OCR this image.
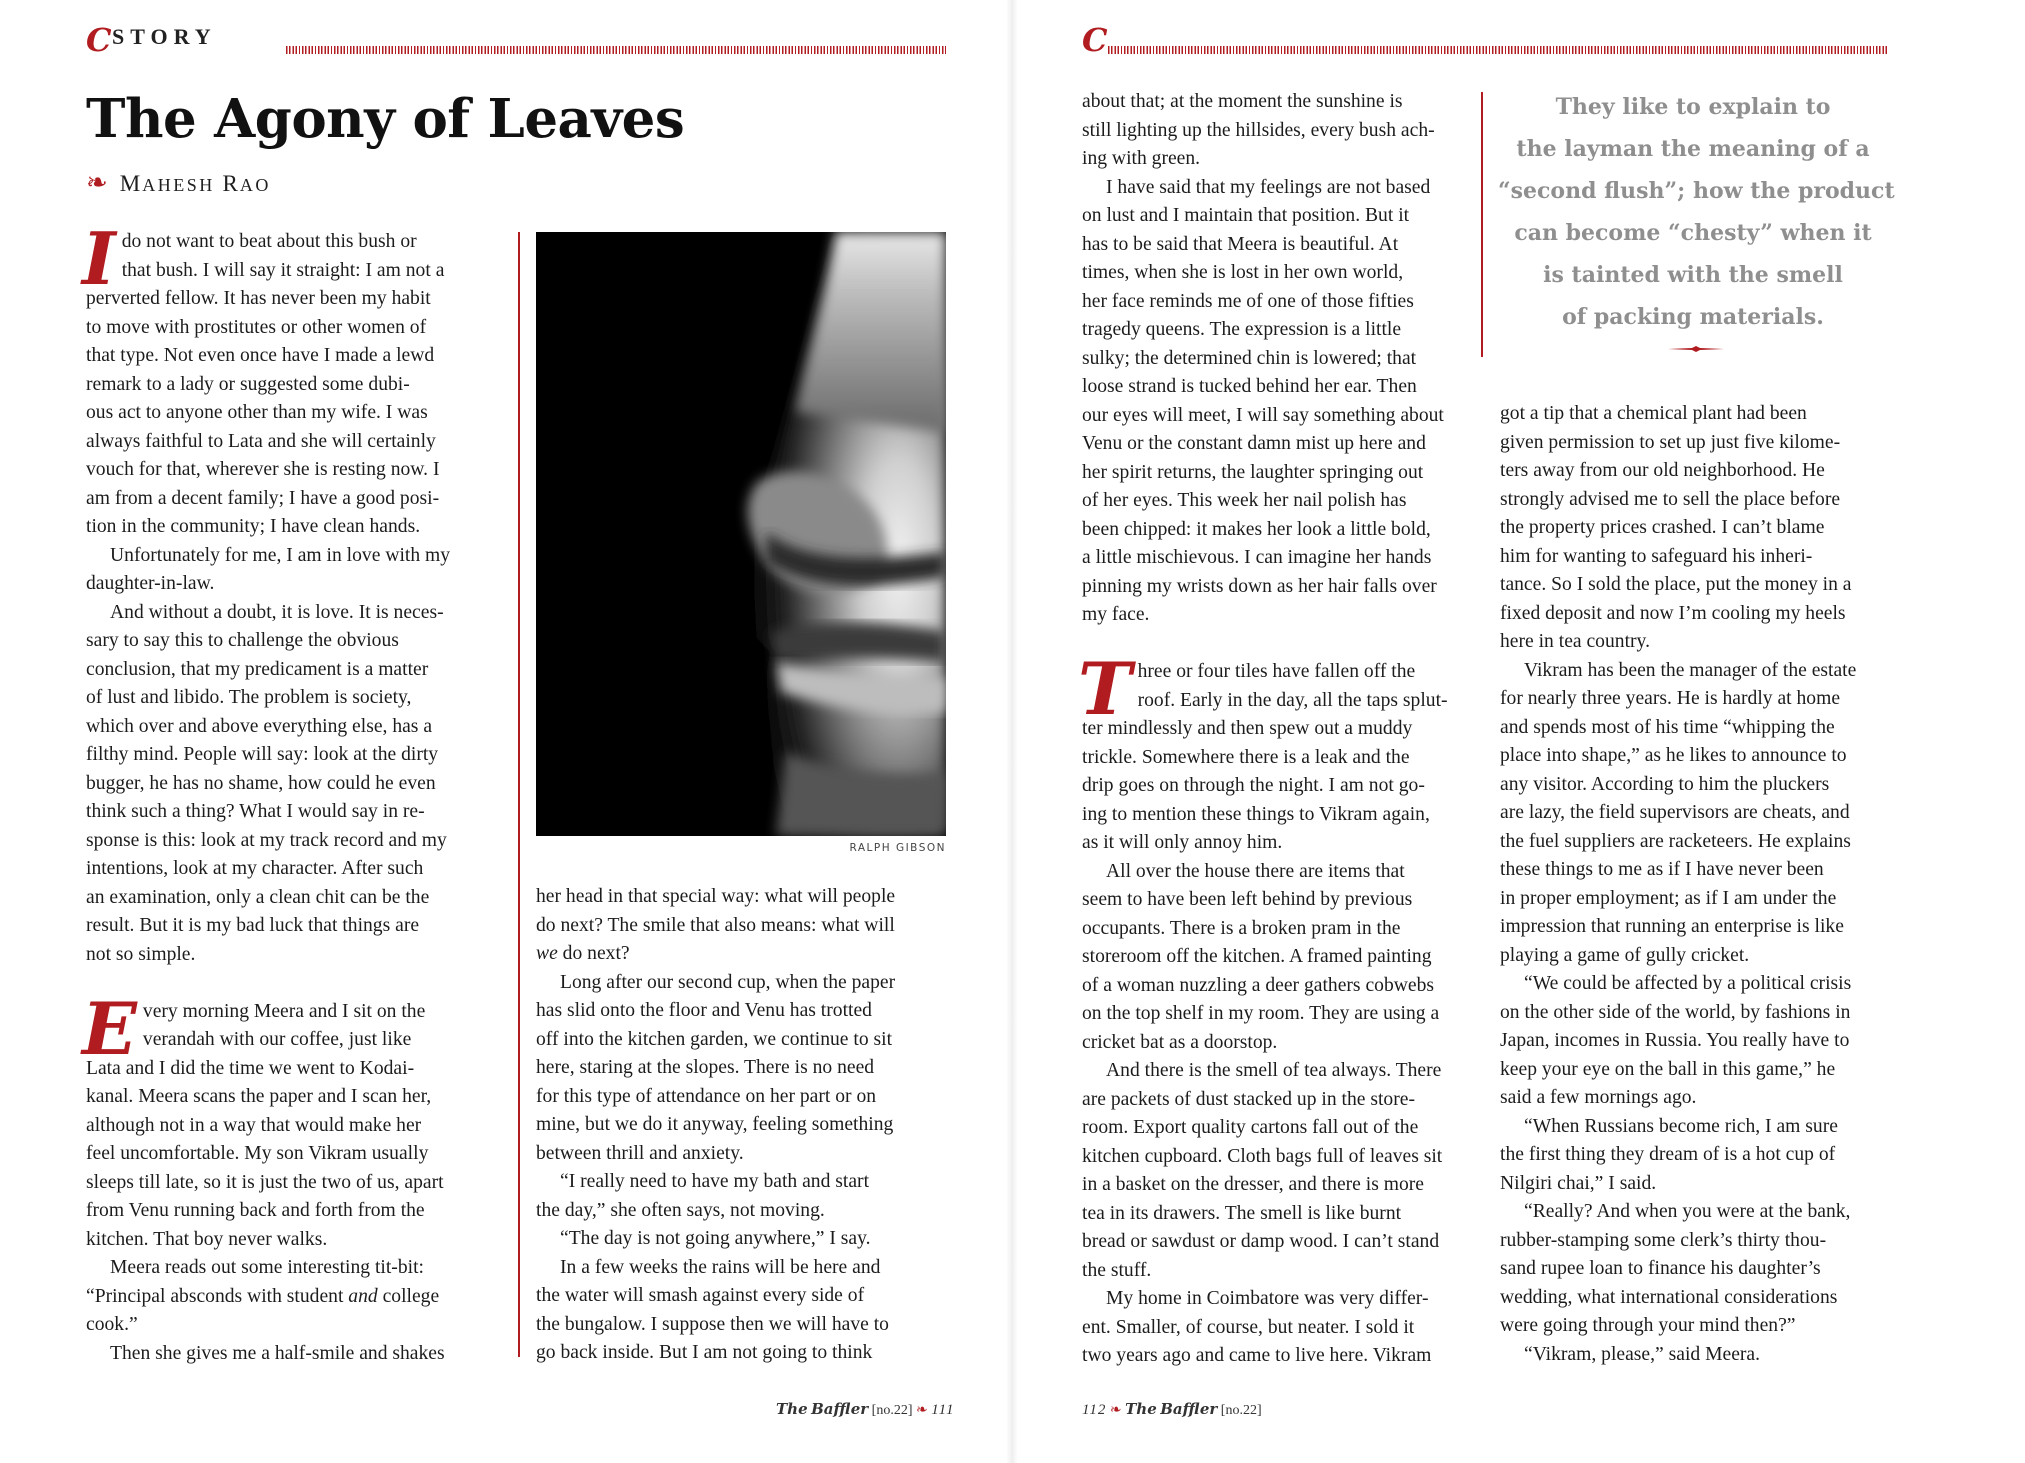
C STORY
The Agony of Leaves
❧ MAHESH RAO
I do not want to beat about this bush or
that bush. I will say it straight: I am not a
perverted fellow. It has never been my habit
to move with prostitutes or other women of
that type. Not even once have I made a lewd
remark to a lady or suggested some dubi-
ous act to anyone other than my wife. I was
always faithful to Lata and she will certainly
vouch for that, wherever she is resting now. I
am from a decent family; I have a good posi-
tion in the community; I have clean hands.
Unfortunately for me, I am in love with my
daughter-in-law.
And without a doubt, it is love. It is neces-
sary to say this to challenge the obvious
conclusion, that my predicament is a matter
of lust and libido. The problem is society,
which over and above everything else, has a
filthy mind. People will say: look at the dirty
bugger, he has no shame, how could he even
think such a thing? What I would say in re-
sponse is this: look at my track record and my
intentions, look at my character. After such
an examination, only a clean chit can be the
result. But it is my bad luck that things are
not so simple.
E very morning Meera and I sit on the
verandah with our coffee, just like
Lata and I did the time we went to Kodai-
kanal. Meera scans the paper and I scan her,
although not in a way that would make her
feel uncomfortable. My son Vikram usually
sleeps till late, so it is just the two of us, apart
from Venu running back and forth from the
kitchen. That boy never walks.
Meera reads out some interesting tit-bit:
“Principal absconds with student and college
cook.”
Then she gives me a half-smile and shakes
RALPH GIBSON
her head in that special way: what will people
do next? The smile that also means: what will
we do next?
Long after our second cup, when the paper
has slid onto the floor and Venu has trotted
off into the kitchen garden, we continue to sit
here, staring at the slopes. There is no need
for this type of attendance on her part or on
mine, but we do it anyway, feeling something
between thrill and anxiety.
“I really need to have my bath and start
the day,” she often says, not moving.
“The day is not going anywhere,” I say.
In a few weeks the rains will be here and
the water will smash against every side of
the bungalow. I suppose then we will have to
go back inside. But I am not going to think
The Baffler [no.22] ❧ 111
C
about that; at the moment the sunshine is
still lighting up the hillsides, every bush ach-
ing with green.
I have said that my feelings are not based
on lust and I maintain that position. But it
has to be said that Meera is beautiful. At
times, when she is lost in her own world,
her face reminds me of one of those fifties
tragedy queens. The expression is a little
sulky; the determined chin is lowered; that
loose strand is tucked behind her ear. Then
our eyes will meet, I will say something about
Venu or the constant damn mist up here and
her spirit returns, the laughter springing out
of her eyes. This week her nail polish has
been chipped: it makes her look a little bold,
a little mischievous. I can imagine her hands
pinning my wrists down as her hair falls over
my face.
T hree or four tiles have fallen off the
roof. Early in the day, all the taps splut-
ter mindlessly and then spew out a muddy
trickle. Somewhere there is a leak and the
drip goes on through the night. I am not go-
ing to mention these things to Vikram again,
as it will only annoy him.
All over the house there are items that
seem to have been left behind by previous
occupants. There is a broken pram in the
storeroom off the kitchen. A framed painting
of a woman nuzzling a deer gathers cobwebs
on the top shelf in my room. They are using a
cricket bat as a doorstop.
And there is the smell of tea always. There
are packets of dust stacked up in the store-
room. Export quality cartons fall out of the
kitchen cupboard. Cloth bags full of leaves sit
in a basket on the dresser, and there is more
tea in its drawers. The smell is like burnt
bread or sawdust or damp wood. I can’t stand
the stuff.
My home in Coimbatore was very differ-
ent. Smaller, of course, but neater. I sold it
two years ago and came to live here. Vikram
They like to explain to
the layman the meaning of a
“second flush”; how the product
can become “chesty” when it
is tainted with the smell
of packing materials.
got a tip that a chemical plant had been
given permission to set up just five kilome-
ters away from our old neighborhood. He
strongly advised me to sell the place before
the property prices crashed. I can’t blame
him for wanting to safeguard his inheri-
tance. So I sold the place, put the money in a
fixed deposit and now I’m cooling my heels
here in tea country.
Vikram has been the manager of the estate
for nearly three years. He is hardly at home
and spends most of his time “whipping the
place into shape,” as he likes to announce to
any visitor. According to him the pluckers
are lazy, the field supervisors are cheats, and
the fuel suppliers are racketeers. He explains
these things to me as if I have never been
in proper employment; as if I am under the
impression that running an enterprise is like
playing a game of gully cricket.
“We could be affected by a political crisis
on the other side of the world, by fashions in
Japan, incomes in Russia. You really have to
keep your eye on the ball in this game,” he
said a few mornings ago.
“When Russians become rich, I am sure
the first thing they dream of is a hot cup of
Nilgiri chai,” I said.
“Really? And when you were at the bank,
rubber-stamping some clerk’s thirty thou-
sand rupee loan to finance his daughter’s
wedding, what international considerations
were going through your mind then?”
“Vikram, please,” said Meera.
112 ❧ The Baffler [no.22]
